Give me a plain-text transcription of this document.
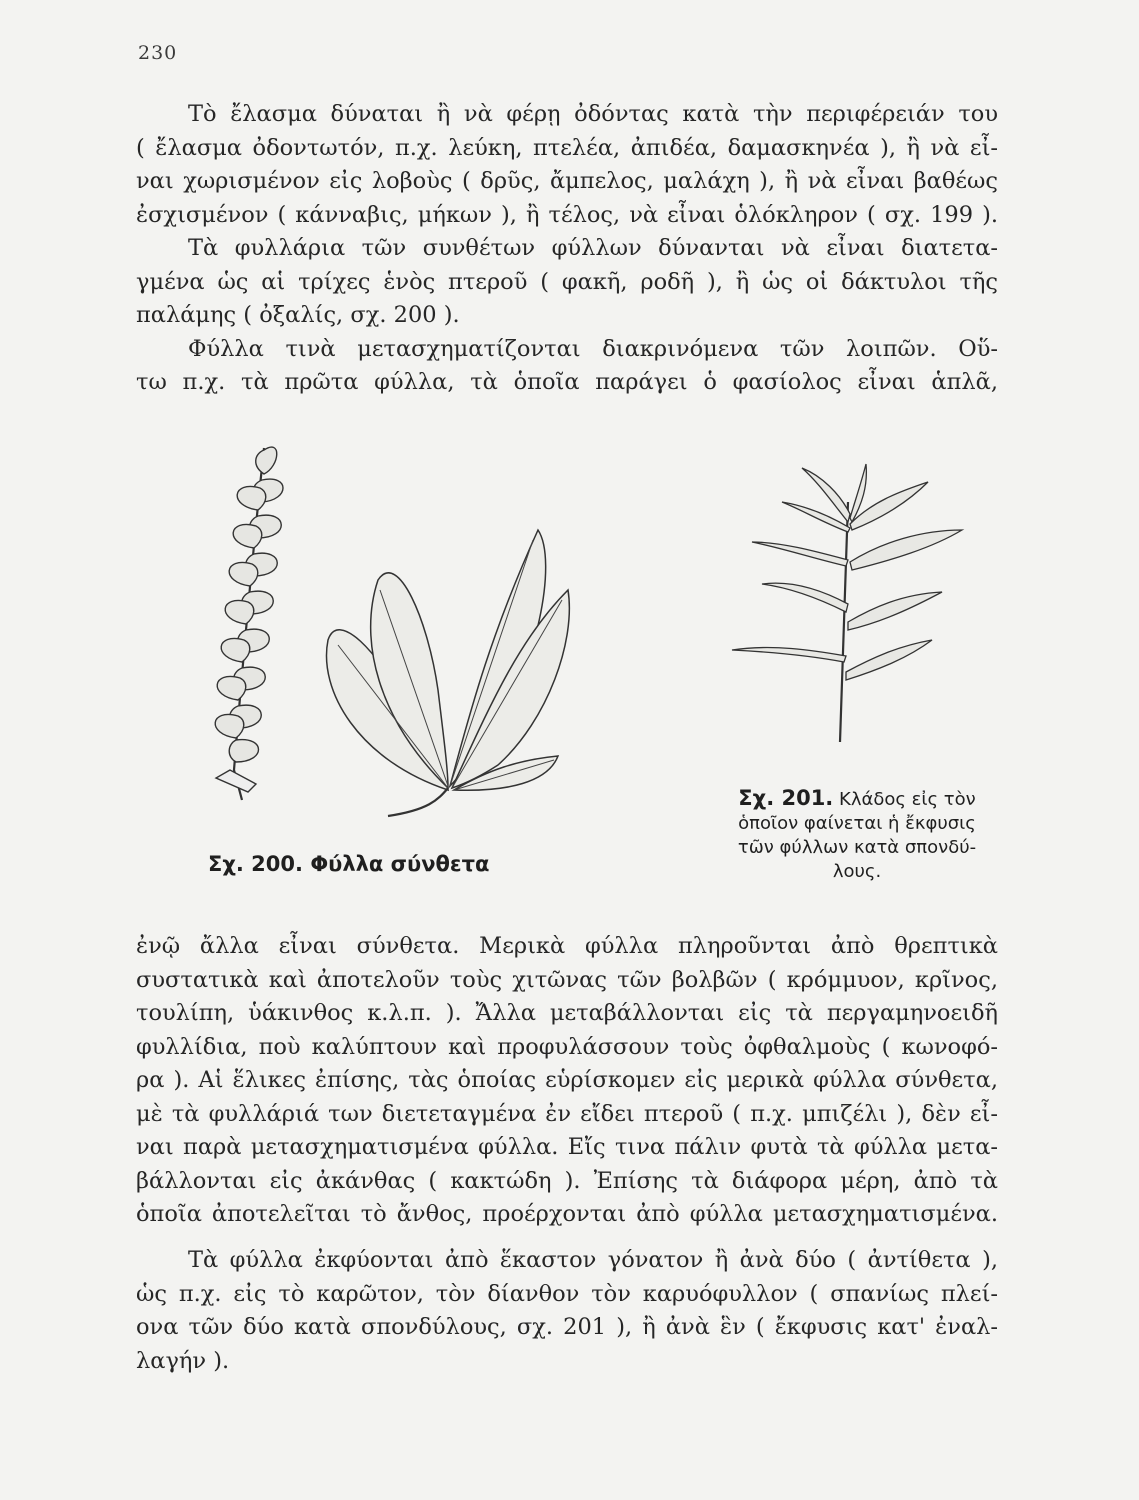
230
Τὸ ἔλασμα δύναται ἢ νὰ φέρῃ ὀδόντας κατὰ τὴν περιφέρειάν του
( ἔλασμα ὀδοντωτόν, π.χ. λεύκη, πτελέα, ἀπιδέα, δαμασκηνέα ), ἢ νὰ εἶ-
ναι χωρισμένον εἰς λοβοὺς ( δρῦς, ἄμπελος, μαλάχη ), ἢ νὰ εἶναι βαθέως
ἐσχισμένον ( κάνναβις, μήκων ), ἢ τέλος, νὰ εἶναι ὁλόκληρον ( σχ. 199 ).
Τὰ φυλλάρια τῶν συνθέτων φύλλων δύνανται νὰ εἶναι διατετα-
γμένα ὡς αἱ τρίχες ἑνὸς πτεροῦ ( φακῆ, ροδῆ ), ἢ ὡς οἱ δάκτυλοι τῆς
παλάμης ( ὀξαλίς, σχ. 200 ).
Φύλλα τινὰ μετασχηματίζονται διακρινόμενα τῶν λοιπῶν. Οὕ-
τω π.χ. τὰ πρῶτα φύλλα, τὰ ὁποῖα παράγει ὁ φασίολος εἶναι ἁπλᾶ,
Σχ. 200. Φύλλα σύνθετα
Σχ. 201. Κλάδος εἰς τὸν
ὁποῖον φαίνεται ἡ ἔκφυσις
τῶν φύλλων κατὰ σπονδύ-
λους.
ἐνῷ ἄλλα εἶναι σύνθετα. Μερικὰ φύλλα πληροῦνται ἀπὸ θρεπτικὰ
συστατικὰ καὶ ἀποτελοῦν τοὺς χιτῶνας τῶν βολβῶν ( κρόμμυον, κρῖνος,
τουλίπη, ὑάκινθος κ.λ.π. ). Ἄλλα μεταβάλλονται εἰς τὰ περγαμηνοειδῆ
φυλλίδια, ποὺ καλύπτουν καὶ προφυλάσσουν τοὺς ὀφθαλμοὺς ( κωνοφό-
ρα ). Αἱ ἕλικες ἐπίσης, τὰς ὁποίας εὑρίσκομεν εἰς μερικὰ φύλλα σύνθετα,
μὲ τὰ φυλλάριά των διετεταγμένα ἐν εἴδει πτεροῦ ( π.χ. μπιζέλι ), δὲν εἶ-
ναι παρὰ μετασχηματισμένα φύλλα. Εἴς τινα πάλιν φυτὰ τὰ φύλλα μετα-
βάλλονται εἰς ἀκάνθας ( κακτώδη ). Ἐπίσης τὰ διάφορα μέρη, ἀπὸ τὰ
ὁποῖα ἀποτελεῖται τὸ ἄνθος, προέρχονται ἀπὸ φύλλα μετασχηματισμένα.
Τὰ φύλλα ἐκφύονται ἀπὸ ἕκαστον γόνατον ἢ ἀνὰ δύο ( ἀντίθετα ),
ὡς π.χ. εἰς τὸ καρῶτον, τὸν δίανθον τὸν καρυόφυλλον ( σπανίως πλεί-
ονα τῶν δύο κατὰ σπονδύλους, σχ. 201 ), ἢ ἀνὰ ἓν ( ἔκφυσις κατ' ἐναλ-
λαγήν ).
